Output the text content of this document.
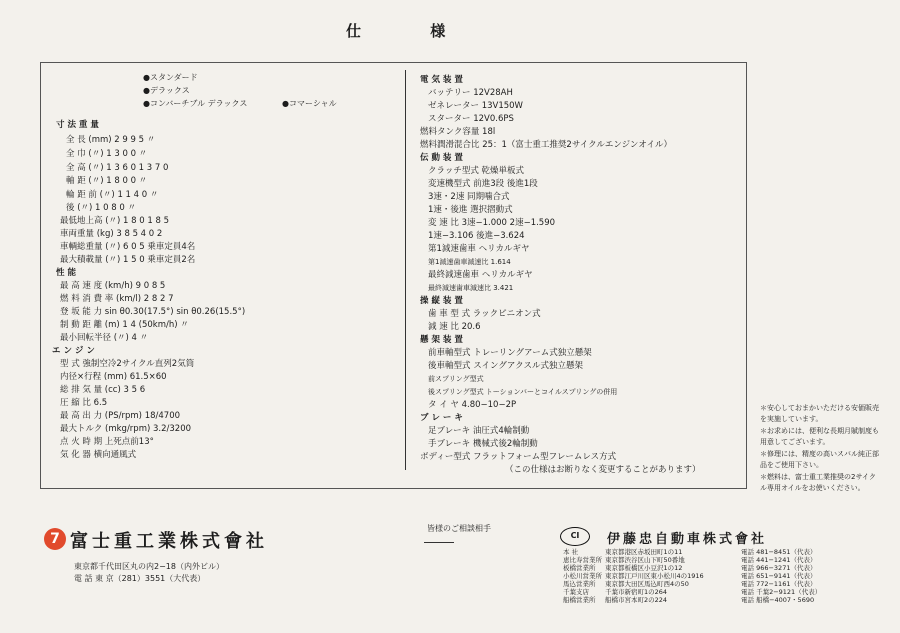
仕 様
●スタンダード
●デラックス
●コンバーチブル デラックス	●コマーシャル
寸 法 重 量
全 長 (mm) 2 9 9 5 〃
全 巾 (〃) 1 3 0 0 〃
全 高 (〃) 1 3 6 0 1 3 7 0
軸 距 (〃) 1 8 0 0 〃
輪 距 前 (〃) 1 1 4 0 〃
後 (〃) 1 0 8 0 〃
最低地上高 (〃) 1 8 0 1 8 5
車両重量 (kg) 3 8 5 4 0 2
車輌総重量 (〃) 6 0 5 乗車定員4名
最大積載量 (〃) 1 5 0 乗車定員2名
性 能
最 高 速 度 (km/h) 9 0 8 5
燃 料 消 費 率 (km/l) 2 8 2 7
登 坂 能 力 sin θ0.30(17.5°) sin θ0.26(15.5°)
制 動 距 離 (m) 1 4 (50km/h) 〃
最小回転半径 (〃) 4 〃
エ ン ジ ン
型 式 強制空冷2サイクル直列2気筒
内径×行程 (mm) 61.5×60
総 排 気 量 (cc) 3 5 6
圧 縮 比 6.5
最 高 出 力 (PS/rpm) 18/4700
最大トルク (mkg/rpm) 3.2/3200
点 火 時 期 上死点前13°
気 化 器 横向通風式
電 気 装 置
バッテリー 12V28AH
ゼネレーター 13V150W
スターター 12V0.6PS
燃料タンク容量 18l
燃料潤滑混合比 25：1（富士重工推奨2サイクルエンジンオイル）
伝 動 装 置
クラッチ型式 乾燥単板式
変速機型式 前進3段 後進1段
3速・2速 同期噛合式
1速・後進 選択摺動式
変 速 比 3速−1.000 2速−1.590
1速−3.106 後進−3.624
第1減速歯車 ヘリカルギヤ
第1減速歯車減速比 1.614
最終減速歯車 ヘリカルギヤ
最終減速歯車減速比 3.421
操 縦 装 置
歯 車 型 式 ラックピニオン式
減 速 比 20.6
懸 架 装 置
前車軸型式 トレーリングアーム式独立懸架
後車軸型式 スイングアクスル式独立懸架
前スプリング型式
後スプリング型式 トーションバーとコイルスプリングの併用
タ イ ヤ 4.80−10−2P
ブ レ ー キ
足ブレーキ 油圧式4輪制動
手ブレーキ 機械式後2輪制動
ボディー型式 フラットフォーム型フレームレス方式
（この仕様はお断りなく変更することがあります）
＊安心しておまかいただける安価販売を実施しています。
＊お求めには、便利な長期月賦制度も用意してございます。
＊修理には、精度の高いスバル純正部品をご使用下さい。
＊燃料は、富士重工業推奨の2サイクル専用オイルをお使いください。
7 富士重工業株式會社
東京都千代田区丸の内2−18（内外ビル）
電 話 東 京（281）3551（大代表）
皆様のご相談相手
CI	伊藤忠自動車株式會社
本 社	東京都港区赤坂田町1の11	電話 481−8451（代表）
恵比寿営業所 東京都渋谷区山下町50番地	電話 441−1241（代表）
板橋営業所	東京都板橋区小豆沢1の12	電話 966−3271（代表）
小松川営業所 東京都江戸川区東小松川4の1916	電話 651−9141（代表）
馬込営業所	東京都大田区馬込町西4の50	電話 772−1161（代表）
千葉支店	千葉市新宿町1の264	電話 千葉2−9121（代表）
船橋営業所	船橋市宮本町2の224	電話 船橋−4007・5690
